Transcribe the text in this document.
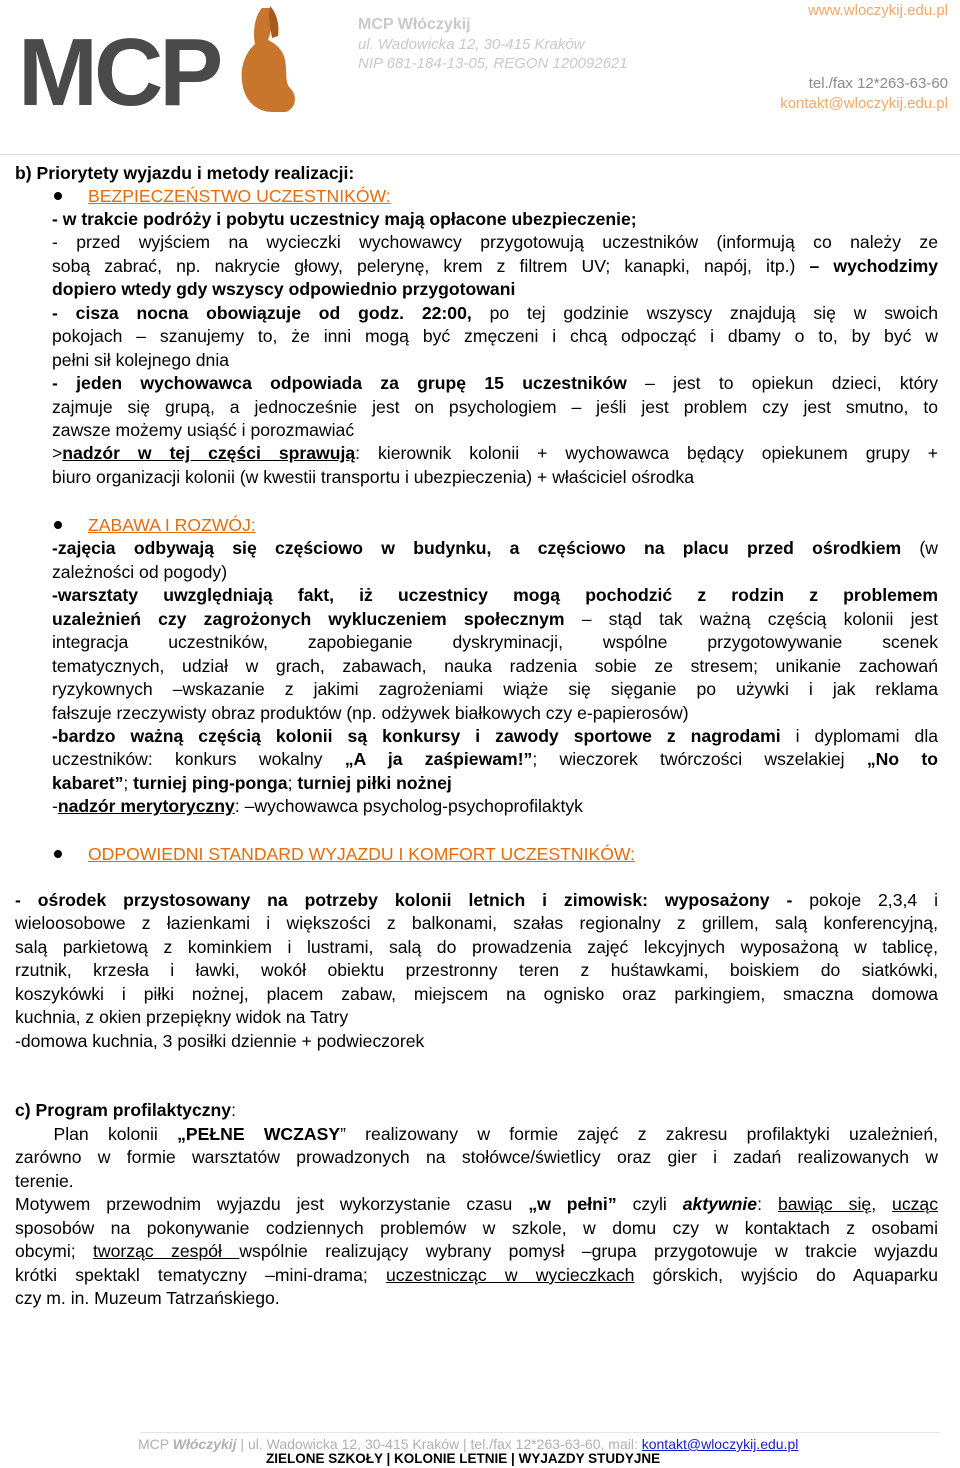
MCP	MCP Włóczykij
ul. Wadowicka 12, 30-415 Kraków
NIP 681-184-13-05, REGON 120092621
www.wloczykij.edu.pl
tel./fax 12*263-63-60
kontakt@wloczykij.edu.pl
b) Priorytety wyjazdu i metody realizacji:
BEZPIECZEŃSTWO UCZESTNIKÓW:
- w trakcie podróży i pobytu uczestnicy mają opłacone ubezpieczenie;
- przed wyjściem na wycieczki wychowawcy przygotowują uczestników (informują co należy ze
sobą zabrać, np. nakrycie głowy, pelerynę, krem z filtrem UV; kanapki, napój, itp.) – wychodzimy
dopiero wtedy gdy wszyscy odpowiednio przygotowani
- cisza nocna obowiązuje od godz. 22:00, po tej godzinie wszyscy znajdują się w swoich
pokojach – szanujemy to, że inni mogą być zmęczeni i chcą odpocząć i dbamy o to, by być w
pełni sił kolejnego dnia
- jeden wychowawca odpowiada za grupę 15 uczestników – jest to opiekun dzieci, który
zajmuje się grupą, a jednocześnie jest on psychologiem – jeśli jest problem czy jest smutno, to
zawsze możemy usiąść i porozmawiać
>nadzór w tej części sprawują: kierownik kolonii + wychowawca będący opiekunem grupy +
biuro organizacji kolonii (w kwestii transportu i ubezpieczenia) + właściciel ośrodka
ZABAWA I ROZWÓJ:
-zajęcia odbywają się częściowo w budynku, a częściowo na placu przed ośrodkiem (w
zależności od pogody)
-warsztaty uwzględniają fakt, iż uczestnicy mogą pochodzić z rodzin z problemem
uzależnień czy zagrożonych wykluczeniem społecznym – stąd tak ważną częścią kolonii jest
integracja uczestników, zapobieganie dyskryminacji, wspólne przygotowywanie scenek
tematycznych, udział w grach, zabawach, nauka radzenia sobie ze stresem; unikanie zachowań
ryzykownych –wskazanie z jakimi zagrożeniami wiąże się sięganie po używki i jak reklama
fałszuje rzeczywisty obraz produktów (np. odżywek białkowych czy e-papierosów)
-bardzo ważną częścią kolonii są konkursy i zawody sportowe z nagrodami i dyplomami dla
uczestników: konkurs wokalny „A ja zaśpiewam!”; wieczorek twórczości wszelakiej „No to
kabaret”; turniej ping-ponga; turniej piłki nożnej
-nadzór merytoryczny: –wychowawca psycholog-psychoprofilaktyk
ODPOWIEDNI STANDARD WYJAZDU I KOMFORT UCZESTNIKÓW:
- ośrodek przystosowany na potrzeby kolonii letnich i zimowisk: wyposażony - pokoje 2,3,4 i
wieloosobowe z łazienkami i większości z balkonami, szałas regionalny z grillem, salą konferencyjną,
salą parkietową z kominkiem i lustrami, salą do prowadzenia zajęć lekcyjnych wyposażoną w tablicę,
rzutnik, krzesła i ławki, wokół obiektu przestronny teren z huśtawkami, boiskiem do siatkówki,
koszykówki i piłki nożnej, placem zabaw, miejscem na ognisko oraz parkingiem, smaczna domowa
kuchnia, z okien przepiękny widok na Tatry
-domowa kuchnia, 3 posiłki dziennie + podwieczorek
c) Program profilaktyczny:
Plan kolonii „PEŁNE WCZASY” realizowany w formie zajęć z zakresu profilaktyki uzależnień,
zarówno w formie warsztatów prowadzonych na stołówce/świetlicy oraz gier i zadań realizowanych w
terenie.
Motywem przewodnim wyjazdu jest wykorzystanie czasu „w pełni” czyli aktywnie: bawiąc się, ucząc
sposobów na pokonywanie codziennych problemów w szkole, w domu czy w kontaktach z osobami
obcymi; tworząc zespół wspólnie realizujący wybrany pomysł –grupa przygotowuje w trakcie wyjazdu
krótki spektakl tematyczny –mini-drama; uczestnicząc w wycieczkach górskich, wyjścio do Aquaparku
czy m. in. Muzeum Tatrzańskiego.
MCP Włóczykij | ul. Wadowicka 12, 30-415 Kraków | tel./fax 12*263-63-60, mail: kontakt@wloczykij.edu.pl
ZIELONE SZKOŁY | KOLONIE LETNIE | WYJAZDY STUDYJNE
